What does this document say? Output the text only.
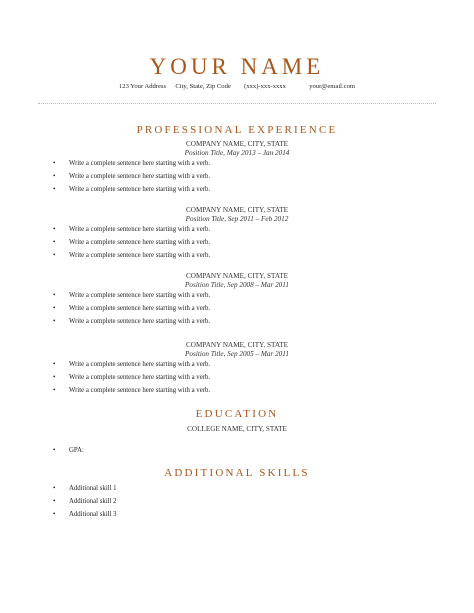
YOUR NAME
123 Your Address City, State, Zip Code (xxx)-xxx-xxxx	your@email.com
PROFESSIONAL EXPERIENCE
COMPANY NAME, CITY, STATE
Position Title, May 2013 – Jan 2014
• Write a complete sentence here starting with a verb.
• Write a complete sentence here starting with a verb.
• Write a complete sentence here starting with a verb.
COMPANY NAME, CITY, STATE
Position Title, Sep 2011 – Feb 2012
• Write a complete sentence here starting with a verb.
• Write a complete sentence here starting with a verb.
• Write a complete sentence here starting with a verb.
COMPANY NAME, CITY, STATE
Position Title, Sep 2008 – Mar 2011
• Write a complete sentence here starting with a verb.
• Write a complete sentence here starting with a verb.
• Write a complete sentence here starting with a verb.
COMPANY NAME, CITY, STATE
Position Title, Sep 2005 – Mar 2011
• Write a complete sentence here starting with a verb.
• Write a complete sentence here starting with a verb.
• Write a complete sentence here starting with a verb.
EDUCATION
COLLEGE NAME, CITY, STATE
• GPA:
ADDITIONAL SKILLS
• Additional skill 1
• Additional skill 2
• Additional skill 3
